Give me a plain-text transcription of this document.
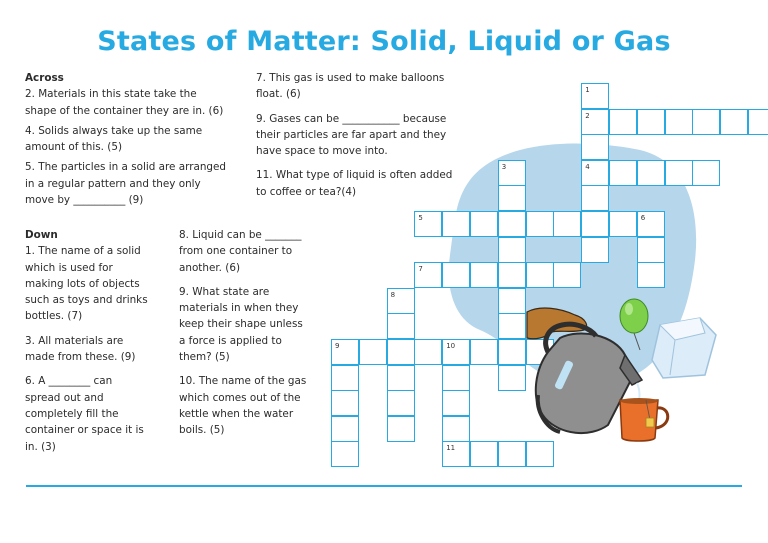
States of Matter: Solid, Liquid or Gas

Across

2. Materials in this state take the
shape of the container they are in. (6)

4. Solids always take up the same
amount of this. (5)

5. The particles in a solid are arranged
in a regular pattern and they only
move by __________ (9)

7. This gas is used to make balloons
float. (6)

9. Gases can be ___________ because
their particles are far apart and they
have space to move into.

11. What type of liquid is often added
to coffee or tea?(4)

Down

1. The name of a solid
which is used for
making lots of objects
such as toys and drinks
bottles. (7)

3. All materials are
made from these. (9)

6. A ________ can
spread out and
completely fill the
container or space it is
in. (3)

8. Liquid can be _______
from one container to
another. (6)

9. What state are
materials in when they
keep their shape unless
a force is applied to
them? (5)

10. The name of the gas
which comes out of the
kettle when the water
boils. (5)

2
4
5	6
7
9	10
11
1
3
8
